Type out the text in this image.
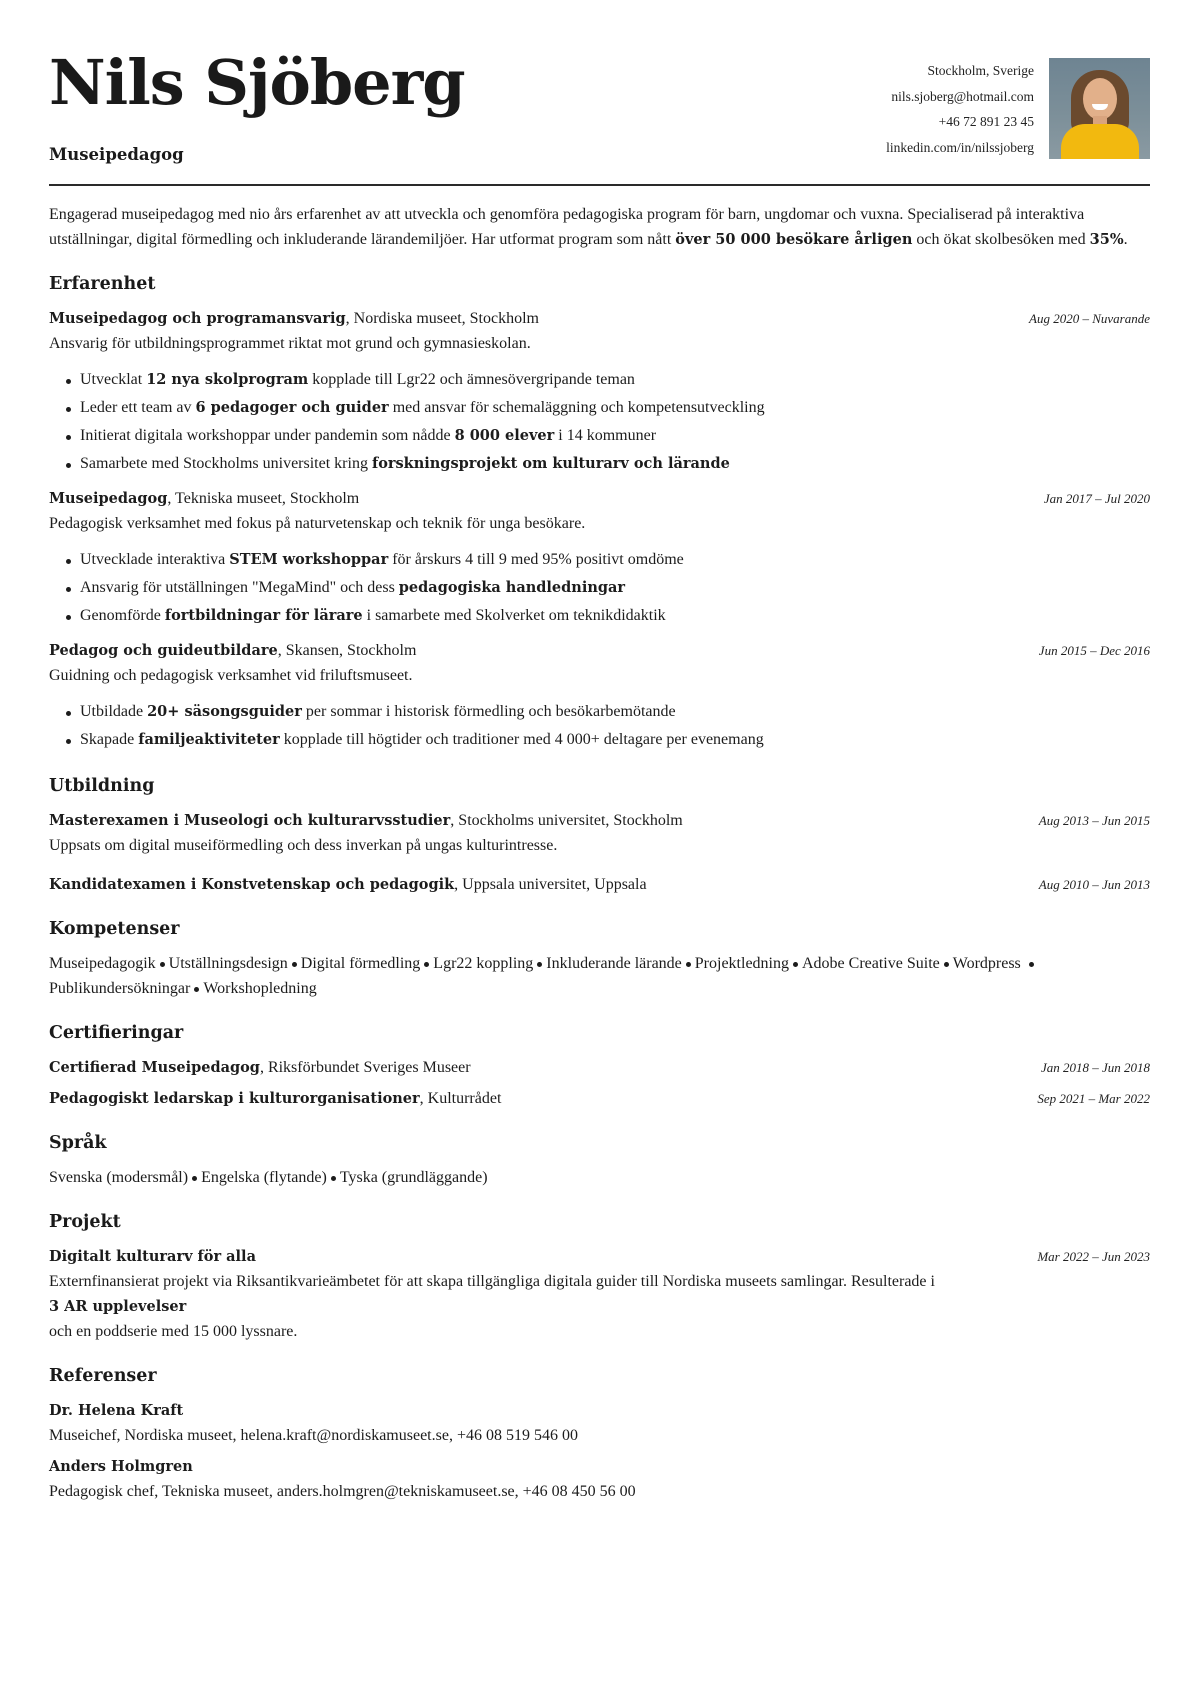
Nils Sjöberg
Museipedagog
Stockholm, Sverige
nils.sjoberg@hotmail.com
+46 72 891 23 45
linkedin.com/in/nilssjoberg

Engagerad museipedagog med nio års erfarenhet av att utveckla och genomföra pedagogiska program för barn, ungdomar och vuxna. Specialiserad på interaktiva utställningar, digital förmedling och inkluderande lärandemiljöer. Har utformat program som nått över 50 000 besökare årligen och ökat skolbesöken med 35%.

Erfarenhet
Museipedagog och programansvarig, Nordiska museet, Stockholm	Aug 2020 – Nuvarande
Ansvarig för utbildningsprogrammet riktat mot grund och gymnasieskolan.
Utvecklat 12 nya skolprogram kopplade till Lgr22 och ämnesövergripande teman
Leder ett team av 6 pedagoger och guider med ansvar för schemaläggning och kompetensutveckling
Initierat digitala workshoppar under pandemin som nådde 8 000 elever i 14 kommuner
Samarbete med Stockholms universitet kring forskningsprojekt om kulturarv och lärande
Museipedagog, Tekniska museet, Stockholm	Jan 2017 – Jul 2020
Pedagogisk verksamhet med fokus på naturvetenskap och teknik för unga besökare.
Utvecklade interaktiva STEM workshoppar för årskurs 4 till 9 med 95% positivt omdöme
Ansvarig för utställningen "MegaMind" och dess pedagogiska handledningar
Genomförde fortbildningar för lärare i samarbete med Skolverket om teknikdidaktik
Pedagog och guideutbildare, Skansen, Stockholm	Jun 2015 – Dec 2016
Guidning och pedagogisk verksamhet vid friluftsmuseet.
Utbildade 20+ säsongsguider per sommar i historisk förmedling och besökarbemötande
Skapade familjeaktiviteter kopplade till högtider och traditioner med 4 000+ deltagare per evenemang
Utbildning
Masterexamen i Museologi och kulturarvsstudier, Stockholms universitet, Stockholm	Aug 2013 – Jun 2015
Uppsats om digital museiförmedling och dess inverkan på ungas kulturintresse.
Kandidatexamen i Konstvetenskap och pedagogik, Uppsala universitet, Uppsala	Aug 2010 – Jun 2013
Kompetenser
Museipedagogik Utställningsdesign Digital förmedling Lgr22 koppling Inkluderande lärande Projektledning Adobe Creative Suite Wordpress Publikundersökningar Workshopledning
Certifieringar
Certifierad Museipedagog, Riksförbundet Sveriges Museer	Jan 2018 – Jun 2018
Pedagogiskt ledarskap i kulturorganisationer, Kulturrådet	Sep 2021 – Mar 2022
Språk
Svenska (modersmål) Engelska (flytande) Tyska (grundläggande)
Projekt
Digitalt kulturarv för alla	Mar 2022 – Jun 2023
Externfinansierat projekt via Riksantikvarieämbetet för att skapa tillgängliga digitala guider till Nordiska museets samlingar. Resulterade i
3 AR upplevelser
och en poddserie med 15 000 lyssnare.
Referenser
Dr. Helena Kraft
Museichef, Nordiska museet, helena.kraft@nordiskamuseet.se, +46 08 519 546 00
Anders Holmgren
Pedagogisk chef, Tekniska museet, anders.holmgren@tekniskamuseet.se, +46 08 450 56 00
